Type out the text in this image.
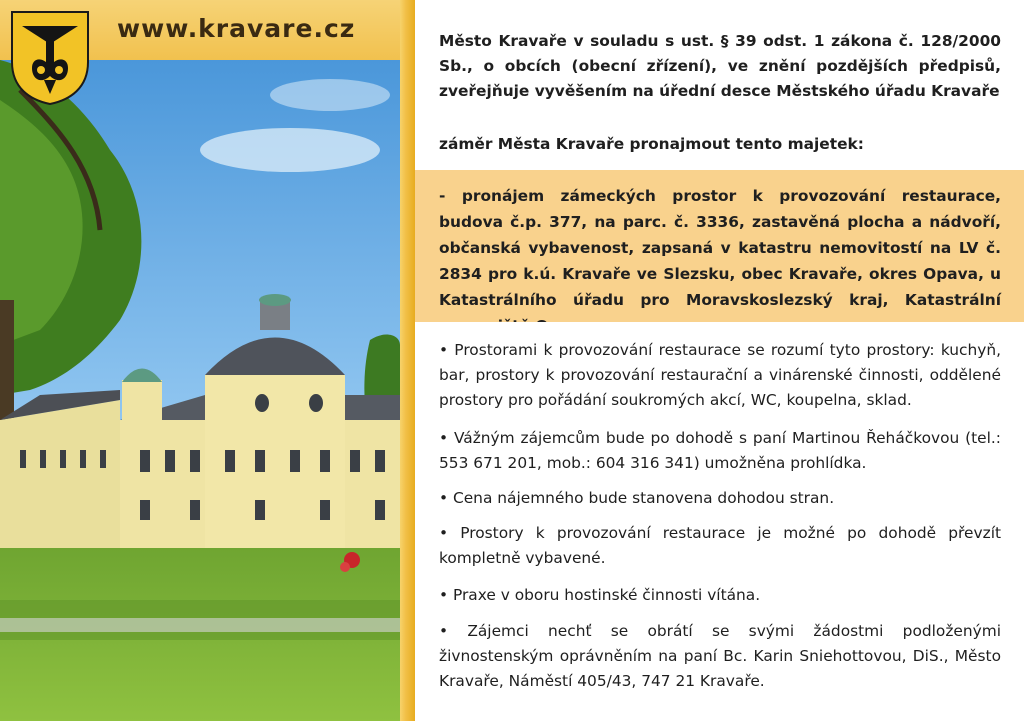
www.kravare.cz	Město Kravaře v souladu s ust. § 39 odst. 1 zákona č. 128/2000 Sb., o obcích (obecní zřízení), ve znění pozdějších předpisů, zveřejňuje vyvěšením na úřední desce Městského úřadu Kravaře

záměr Města Kravaře pronajmout tento majetek:

- pronájem zámeckých prostor k provozování restaurace, budova č.p. 377, na parc. č. 3336, zastavěná plocha a nádvoří, občanská vybavenost, zapsaná v katastru nemovitostí na LV č. 2834 pro k.ú. Kravaře ve Slezsku, obec Kravaře, okres Opava, u Katastrálního úřadu pro Moravskoslezský kraj, Katastrální

• Prostorami k provozování restaurace se rozumí tyto prostory: kuchyň, bar, prostory k provozování restaurační a vinárenské činnosti, oddělené prostory pro pořádání soukromých akcí, WC, koupelna, sklad.

• Vážným zájemcům bude po dohodě s paní Martinou Řeháčkovou (tel.: 553 671 201, mob.: 604 316 341) umožněna prohlídka.

• Cena nájemného bude stanovena dohodou stran.

• Prostory k provozování restaurace je možné po dohodě převzít kompletně vybavené.

• Praxe v oboru hostinské činnosti vítána.

• Zájemci nechť se obrátí se svými žádostmi podloženými živnostenským oprávněním na paní Bc. Karin Sniehottovou, DiS., Město Kravaře, Náměstí 405/43, 747 21 Kravaře.
